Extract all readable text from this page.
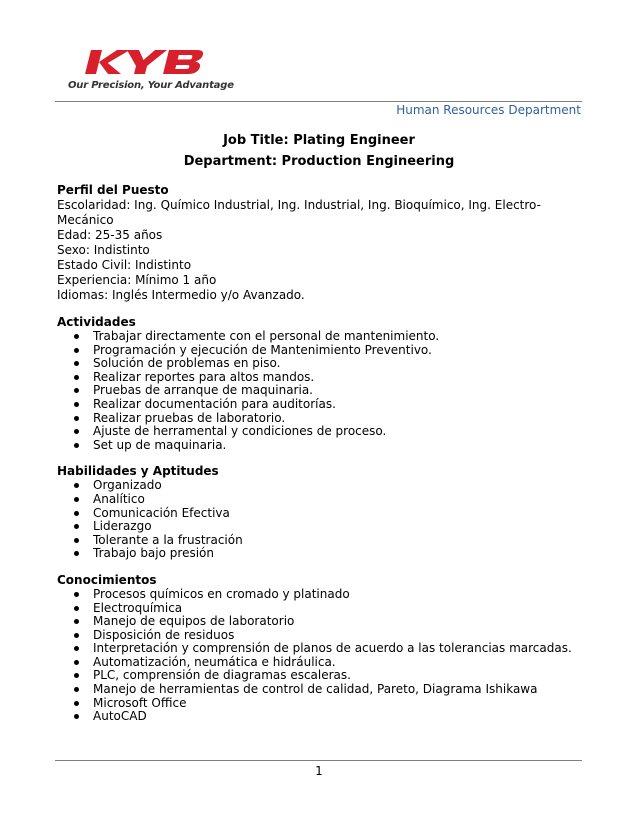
Our Precision, Your Advantage
Human Resources Department
Job Title: Plating Engineer
Department: Production Engineering
Perfil del Puesto
Escolaridad: Ing. Químico Industrial, Ing. Industrial, Ing. Bioquímico, Ing. Electro-Mecánico
Edad: 25-35 años
Sexo: Indistinto
Estado Civil: Indistinto
Experiencia: Mínimo 1 año
Idiomas: Inglés Intermedio y/o Avanzado.
Actividades
Trabajar directamente con el personal de mantenimiento.
Programación y ejecución de Mantenimiento Preventivo.
Solución de problemas en piso.
Realizar reportes para altos mandos.
Pruebas de arranque de maquinaria.
Realizar documentación para auditorías.
Realizar pruebas de laboratorio.
Ajuste de herramental y condiciones de proceso.
Set up de maquinaria.
Habilidades y Aptitudes
Organizado
Analítico
Comunicación Efectiva
Liderazgo
Tolerante a la frustración
Trabajo bajo presión
Conocimientos
Procesos químicos en cromado y platinado
Electroquímica
Manejo de equipos de laboratorio
Disposición de residuos
Interpretación y comprensión de planos de acuerdo a las tolerancias marcadas.
Automatización, neumática e hidráulica.
PLC, comprensión de diagramas escaleras.
Manejo de herramientas de control de calidad, Pareto, Diagrama Ishikawa
Microsoft Office
AutoCAD
1
